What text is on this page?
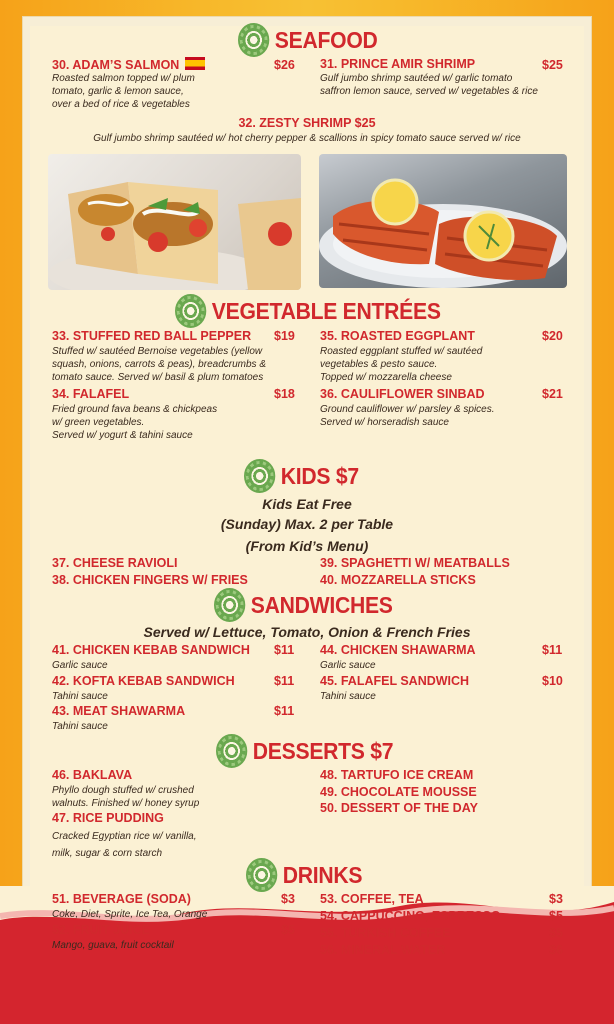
SEAFOOD
30. ADAM’S SALMON	$26
Roasted salmon topped w/ plum
tomato, garlic & lemon sauce,
over a bed of rice & vegetables
31. PRINCE AMIR SHRIMP	$25
Gulf jumbo shrimp sautéed w/ garlic tomato
saffron lemon sauce, served w/ vegetables & rice
32. ZESTY SHRIMP $25
Gulf jumbo shrimp sautéed w/ hot cherry pepper & scallions in spicy tomato sauce served w/ rice
VEGETABLE ENTRÉES
33. STUFFED RED BALL PEPPER $19
Stuffed w/ sautéed Bernoise vegetables (yellow
squash, onions, carrots & peas), breadcrumbs &
tomato sauce. Served w/ basil & plum tomatoes
34. FALAFEL	$18
Fried ground fava beans & chickpeas
w/ green vegetables.
Served w/ yogurt & tahini sauce
35. ROASTED EGGPLANT	$20
Roasted eggplant stuffed w/ sautéed
vegetables & pesto sauce.
Topped w/ mozzarella cheese
36. CAULIFLOWER SINBAD	$21
Ground cauliflower w/ parsley & spices.
Served w/ horseradish sauce
KIDS $7
Kids Eat Free
(Sunday) Max. 2 per Table
(From Kid’s Menu)
37. CHEESE RAVIOLI
38. CHICKEN FINGERS W/ FRIES
39. SPAGHETTI W/ MEATBALLS
40. MOZZARELLA STICKS
SANDWICHES
Served w/ Lettuce, Tomato, Onion & French Fries
41. CHICKEN KEBAB SANDWICH $11
Garlic sauce
42. KOFTA KEBAB SANDWICH	$11
Tahini sauce
43. MEAT SHAWARMA	$11
Tahini sauce
44. CHICKEN SHAWARMA	$11
Garlic sauce
45. FALAFEL SANDWICH	$10
Tahini sauce
DESSERTS $7
46. BAKLAVA
Phyllo dough stuffed w/ crushed
walnuts. Finished w/ honey syrup
47. RICE PUDDING
Cracked Egyptian rice w/ vanilla,
milk, sugar & corn starch
48. TARTUFO ICE CREAM
49. CHOCOLATE MOUSSE
50. DESSERT OF THE DAY
DRINKS
51. BEVERAGE (SODA)	$3
Coke, Diet, Sprite, Ice Tea, Orange
52. FRUIT JUICE	$5
Mango, guava, fruit cocktail
53. COFFEE, TEA	$3
54. CAPPUCCINO, ESPRESSO	$5
55. TURKISH COFFEE	$5
56. MINERAL WATER	$6
